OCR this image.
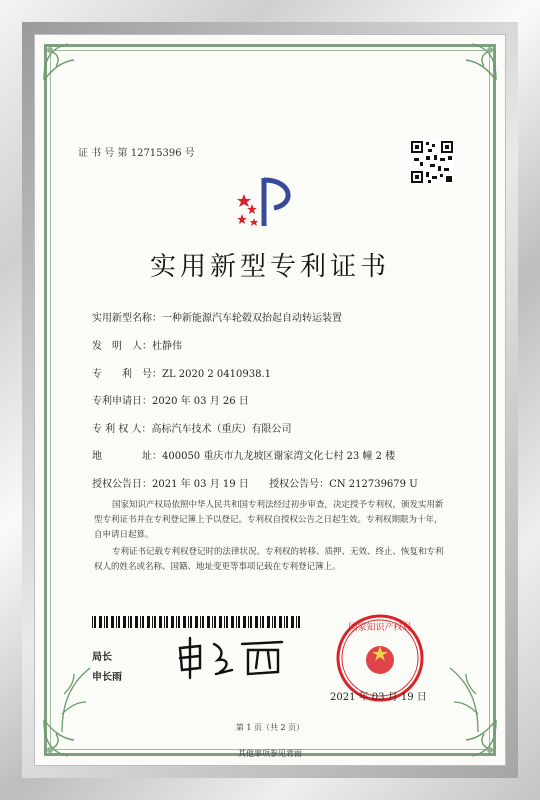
证 书 号 第 12715396 号
实用新型专利证书
实用新型名称：一种新能源汽车轮毂双抬起自动转运装置
发　明　人：杜静伟
专　　利　号：ZL 2020 2 0410938.1
专利申请日：2020 年 03 月 26 日
专 利 权 人：高标汽车技术（重庆）有限公司
地　　　　址：400050 重庆市九龙坡区谢家湾文化七村 23 幢 2 楼
授权公告日：2021 年 03 月 19 日 授权公告号：CN 212739679 U
国家知识产权局依照中华人民共和国专利法经过初步审查，决定授予专利权，颁发实用新型专利证书并在专利登记簿上予以登记。专利权自授权公告之日起生效。专利权期限为十年，自申请日起算。
专利证书记载专利权登记时的法律状况。专利权的转移、质押、无效、终止、恢复和专利权人的姓名或名称、国籍、地址变更等事项记载在专利登记簿上。
局长
申长雨
国家知识产权局
2021 年 03 月 19 日
第 1 页（共 2 页）
其他事项参见背面
